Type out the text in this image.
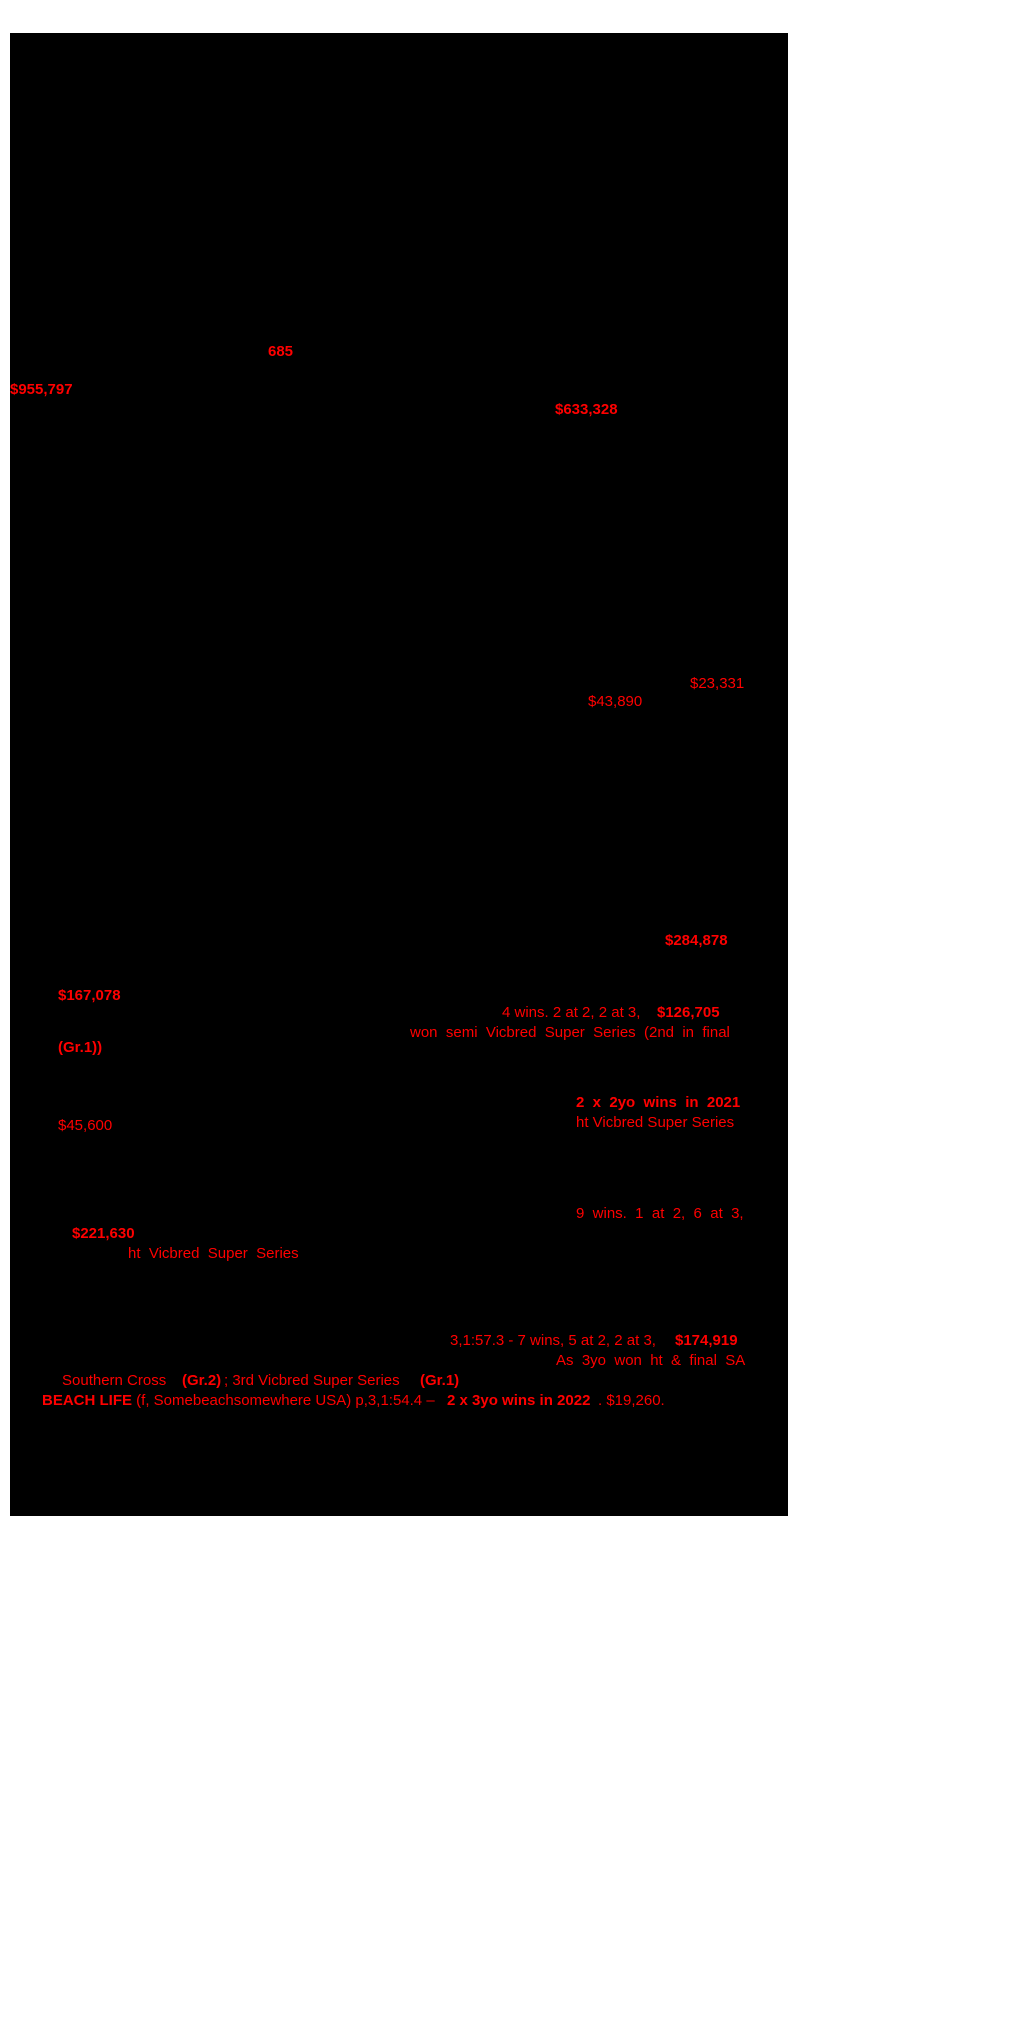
685
$955,797
$633,328
$23,331
$43,890
$284,878
$167,078
(Gr.1))
$45,600
$221,630
ht  Vicbred  Super  Series
9  wins.  1  at  2,  6  at  3,
2  x  2yo  wins  in  2021
ht Vicbred Super Series
4 wins. 2 at 2, 2 at 3, $126,705
won  semi  Vicbred  Super  Series  (2nd  in  final
3,1:57.3 - 7 wins, 5 at 2, 2 at 3, $174,919
As  3yo  won  ht  &  final  SA
Southern Cross (Gr.2) ; 3rd Vicbred Super Series (Gr.1)
BEACH LIFE (f, Somebeachsomewhere USA) p,3,1:54.4 – 2 x 3yo wins in 2022 . $19,260.
